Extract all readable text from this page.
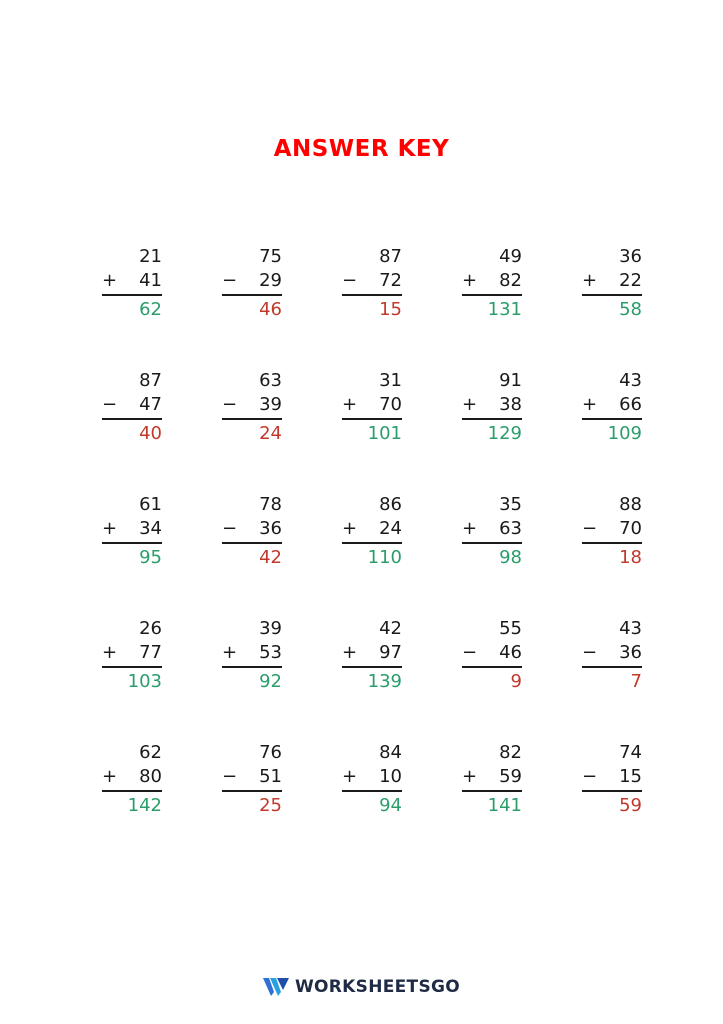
ANSWER KEY
21
+ 41
62
75
− 29
46
87
− 72
15
49
+ 82
131
36
+ 22
58
87
− 47
40
63
− 39
24
31
+ 70
101
91
+ 38
129
43
+ 66
109
61
+ 34
95
78
− 36
42
86
+ 24
110
35
+ 63
98
88
− 70
18
26
+ 77
103
39
+ 53
92
42
+ 97
139
55
− 46
9
43
− 36
7
62
+ 80
142
76
− 51
25
84
+ 10
94
82
+ 59
141
74
− 15
59
WORKSHEETSGO
